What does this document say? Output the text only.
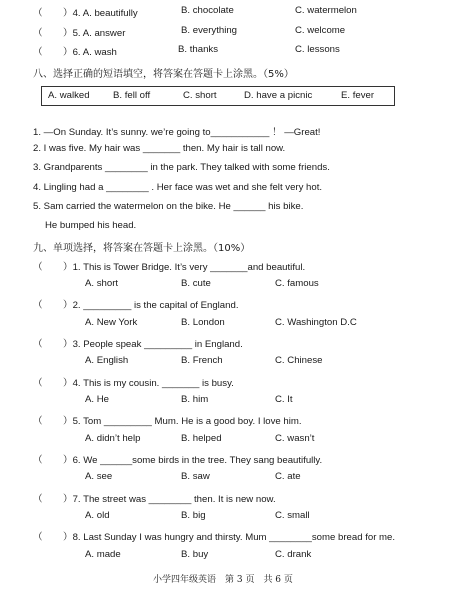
（ ）4. A. beautifully	B. chocolate	C. watermelon
（ ）5. A. answer	B. everything	C. welcome
（ ）6. A. wash	B. thanks	C. lessons
八、选择正确的短语填空，将答案在答题卡上涂黑。（5%）
A. walked B. fell off	C. short	D. have a picnic	E. fever
1. —On Sunday. It’s sunny. we’re going to___________ ！ —Great!
2. I was five. My hair was _______ then. My hair is tall now.
3. Grandparents ________ in the park. They talked with some friends.
4. Lingling had a ________ . Her face was wet and she felt very hot.
5. Sam carried the watermelon on the bike. He ______ his bike.
He bumped his head.
九、单项选择，将答案在答题卡上涂黑。（10%）
（ ）1. This is Tower Bridge. It’s very _______and beautiful.
A. short	B. cute	C. famous
（ ）2. _________ is the capital of England.
A. New York	B. London	C. Washington D.C
（ ）3. People speak _________ in England.
A. English	B. French	C. Chinese
（ ）4. This is my cousin. _______ is busy.
A. He	B. him	C. It
（ ）5. Tom _________ Mum. He is a good boy. I love him.
A. didn’t help	B. helped	C. wasn’t
（ ）6. We ______some birds in the tree. They sang beautifully.
A. see	B. saw	C. ate
（ ）7. The street was ________ then. It is new now.
A. old	B. big	C. small
（ ）8. Last Sunday I was hungry and thirsty. Mum ________some bread for me.
A. made	B. buy	C. drank
小学四年级英语　第 3 页　共 6 页
